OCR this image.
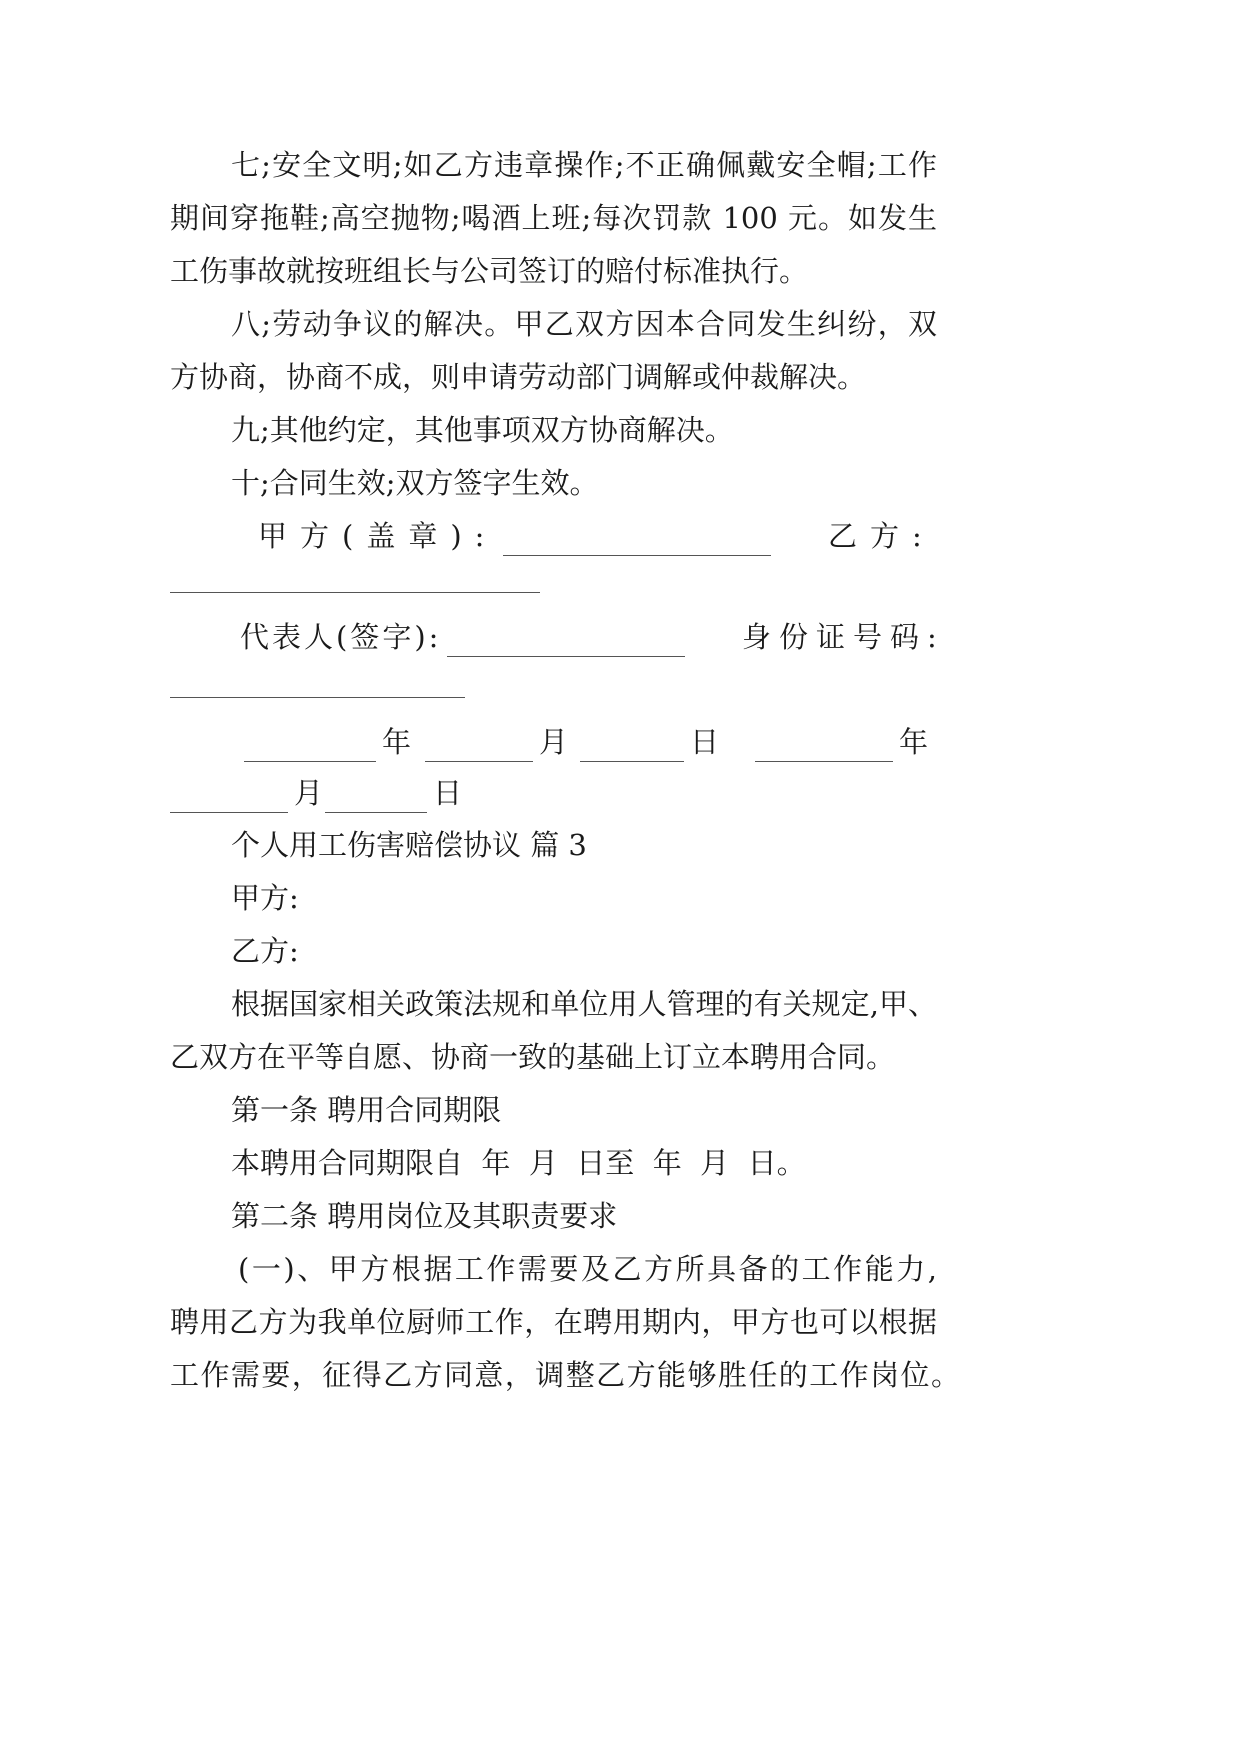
七;安全文明;如乙方违章操作;不正确佩戴安全帽;工作
期间穿拖鞋;高空抛物;喝酒上班;每次罚款 100 元。如发生
工伤事故就按班组长与公司签订的赔付标准执行。
八;劳动争议的解决。甲乙双方因本合同发生纠纷，双
方协商，协商不成，则申请劳动部门调解或仲裁解决。
九;其他约定，其他事项双方协商解决。
十;合同生效;双方签字生效。
甲方(盖章):	乙方:
代表人(签字):	身份证号码:
年	月	日	年
月	日
个人用工伤害赔偿协议 篇 3
甲方:
乙方:
根据国家相关政策法规和单位用人管理的有关规定,甲、
乙双方在平等自愿、协商一致的基础上订立本聘用合同。
第一条 聘用合同期限
本聘用合同期限自  年  月  日至  年  月  日。
第二条 聘用岗位及其职责要求
(一)、甲方根据工作需要及乙方所具备的工作能力,
聘用乙方为我单位厨师工作，在聘用期内，甲方也可以根据
工作需要，征得乙方同意，调整乙方能够胜任的工作岗位。
